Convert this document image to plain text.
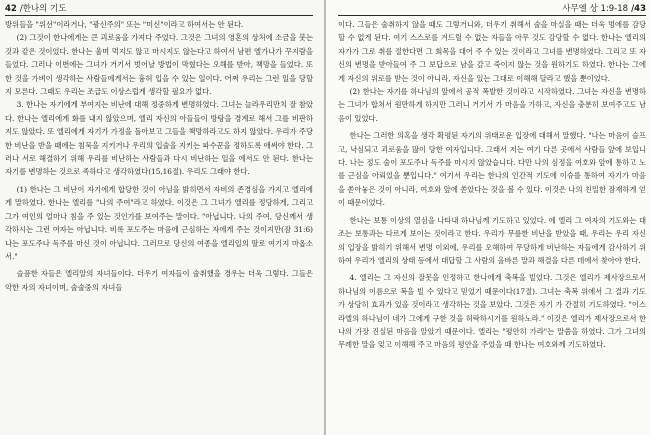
42 /한나의 기도

방위들을 "위선"이라거나, "광신주의" 또는 "미신"이라고 하여서는 안 된다.

(2) 그것이 한나에게는 큰 괴로움을 가져다 주었다. 그것은 그녀의 영혼의 상처에 소금을 붓는 것과 같은 것이었다. 한나는 울며 먹지도 않고 마시지도 않는다고 하여서 남편 엘가나가 꾸지람을 들었다. 그러나 이번에는 그녀가 거기서 벗어날 방법이 막혔다는 오해를 받아, 책망을 들었다. 또한 것을 가벼이 생각하는 사람들에게서는 흉허 입을 수 있는 일이다. 어쩌 우리는 그런 일을 당할지 모른다. 그때도 우리는 조급도 이상스럽게 생각할 필요가 없다.

3. 한나는 자기에게 부여지는 비난에 대해 정중하게 변명하였다. 그녀는 늘라우리만치 잘 참았다. 한나는 엘리에게 화를 내지 않았으며, 엘리 자신의 아들들이 방탕을 경계로 해서 그를 비판하지도 않았다. 또 엘리에게 자기가 가정을 돌아보고 그들을 책망하라고도 하지 않았다. 우리가 주당한 비난을 받을 때에는 침묵을 지키거나 우리의 입술을 지키는 파수꾼을 정하도록 애써야 한다. 그러나 서로 해결하기 위해 우리를 비난하는 사람들과 다시 비난하는 일을 에서도 안 된다. 한나는 자기를 변명하는 것으로 족하다고 생각하였다(15,16절). 우리도 그래야 한다.

(1) 한나는 그 비난이 자기에게 합당한 것이 아님을 밝히면서 자비의 존경심을 가지고 엘리에게 말하였다. 한나는 엘리를 "나의 주여"라고 하였다. 이것은 그 그녀가 엘리를 정당하게, 그리고 그가 여인의 얼마나 침을 주 있는 것인가를 보여주는 말이다. "아닙니다. 나의 주여, 당신께서 생각하시는 그런 여자는 아닙니다. 비록 포도주는 마음에 근심하는 자에게 주는 것이지만(잠 31:6) 나는 포도주나 독주를 마신 것이 아닙니다. 그러므로 당신의 여종을 엘리일의 딸로 여기지 마옵소서."

슬픔한 자들은 엘리알의 자녀들이다. 더우기 여자들이 술취했을 경우는 더욱 그렇다. 그들은 악한 자의 자녀이며, 술술중의 자녀들

사무엘 상 1:9-18 /43

이다. 그들은 술취하지 않을 때도 그렇거니와, 더우기 취해서 술을 마실을 때는 더욱 멍에를 감당할 수 없게 된다. 여기 스스로를 겨드릴 수 없는 자들을 아무 것도 감당할 수 없다. 한나는 엘리의 자가가 그로 취를 절한다면 그 회목을 대어 주 수 있는 것이라고 그녀를 변명하였다. 그리고 또 자신의 변명을 받아들여 주 그 보답으로 남을 갚고 죽이지 않는 것을 원하기도 하였다. 한나는 그에게 자신의 위로를 받는 것이 아니라, 자신을 있는 그대로 이해해 달라고 했을 뿐이었다.

(2) 한나는 자기를 하나님의 앞에서 공적 폭발한 것이라고 시작하였다. 그녀는 자신을 변명하는 그녀가 합쳐서 원만하게 하지만 그러니 거기서 가 마음을 가하고, 자신을 충분히 보여주고도 남음이 있었다.

한나는 그러한 의혹을 생각 확평된 자기의 위태로운 입장에 대해서 말했다. "나는 마음이 슬프고, 낙심되고 괴로움을 많이 당한 여자입니다. 그래서 저는 여기 다른 곳에서 사람들 앞에 보입니다. 나는 정도 술이 포도주나 독주를 마시지 않았습니다. 다만 나의 심정을 여호와 앞에 통하고 노를 근심을 아뢰었을 뿐입니다." 여기서 우리는 한나의 인간적 기도에 이슈를 통하여 자기가 마음을 쏟아놓은 것이 아니라, 여호와 앞에 쏟았다는 것을 볼 수 있다. 이것은 나의 친밀한 잠재하게 얻이 때문이었다.

한나는 보통 이상의 열심을 나타내 하나님께 기도하고 있었다. 에 엘리 그 여자의 기도와는 대조는 보통과는 다르게 보이는 것이라고 한다. 우리가 무릎한 비난을 받았을 때, 우리는 우리 자신의 입장을 밝히기 위해서 변명 이외에, 우리를 오해하여 무당하게 비난하는 자들에게 감사하기 위하여 우리가 엘리의 상태 등에서 대답할 그 사람의 올바른 말과 해결을 다른 데에서 찾아야 한다.

4. 엘리는 그 자신의 잘못을 인정하고 한나에게 축복을 빌었다. 그것은 엘리가 제사장으로서 하나님의 이름으로 복을 빌 수 있다고 믿었기 때문이다(17절). 그녀는 축복 위에서 그 결과 기도가 상당히 효과가 있을 것이라고 생각하는 것을 보았다. 그것은 자기 가 간절히 기도하였다. "이스라엘의 하나님이 네가 그에게 구한 것을 허락하시기를 원하노라." 이것은 엘리가 제사장으로서 한나의 가장 진실된 마음을 알았기 때문이다. 엘리는 "평안히 가라"는 말씀을 하였다. 그가 그녀의 무례한 말을 잊고 이해해 주고 마음의 평안을 주었을 때 한나는 여호와께 기도하였다.
